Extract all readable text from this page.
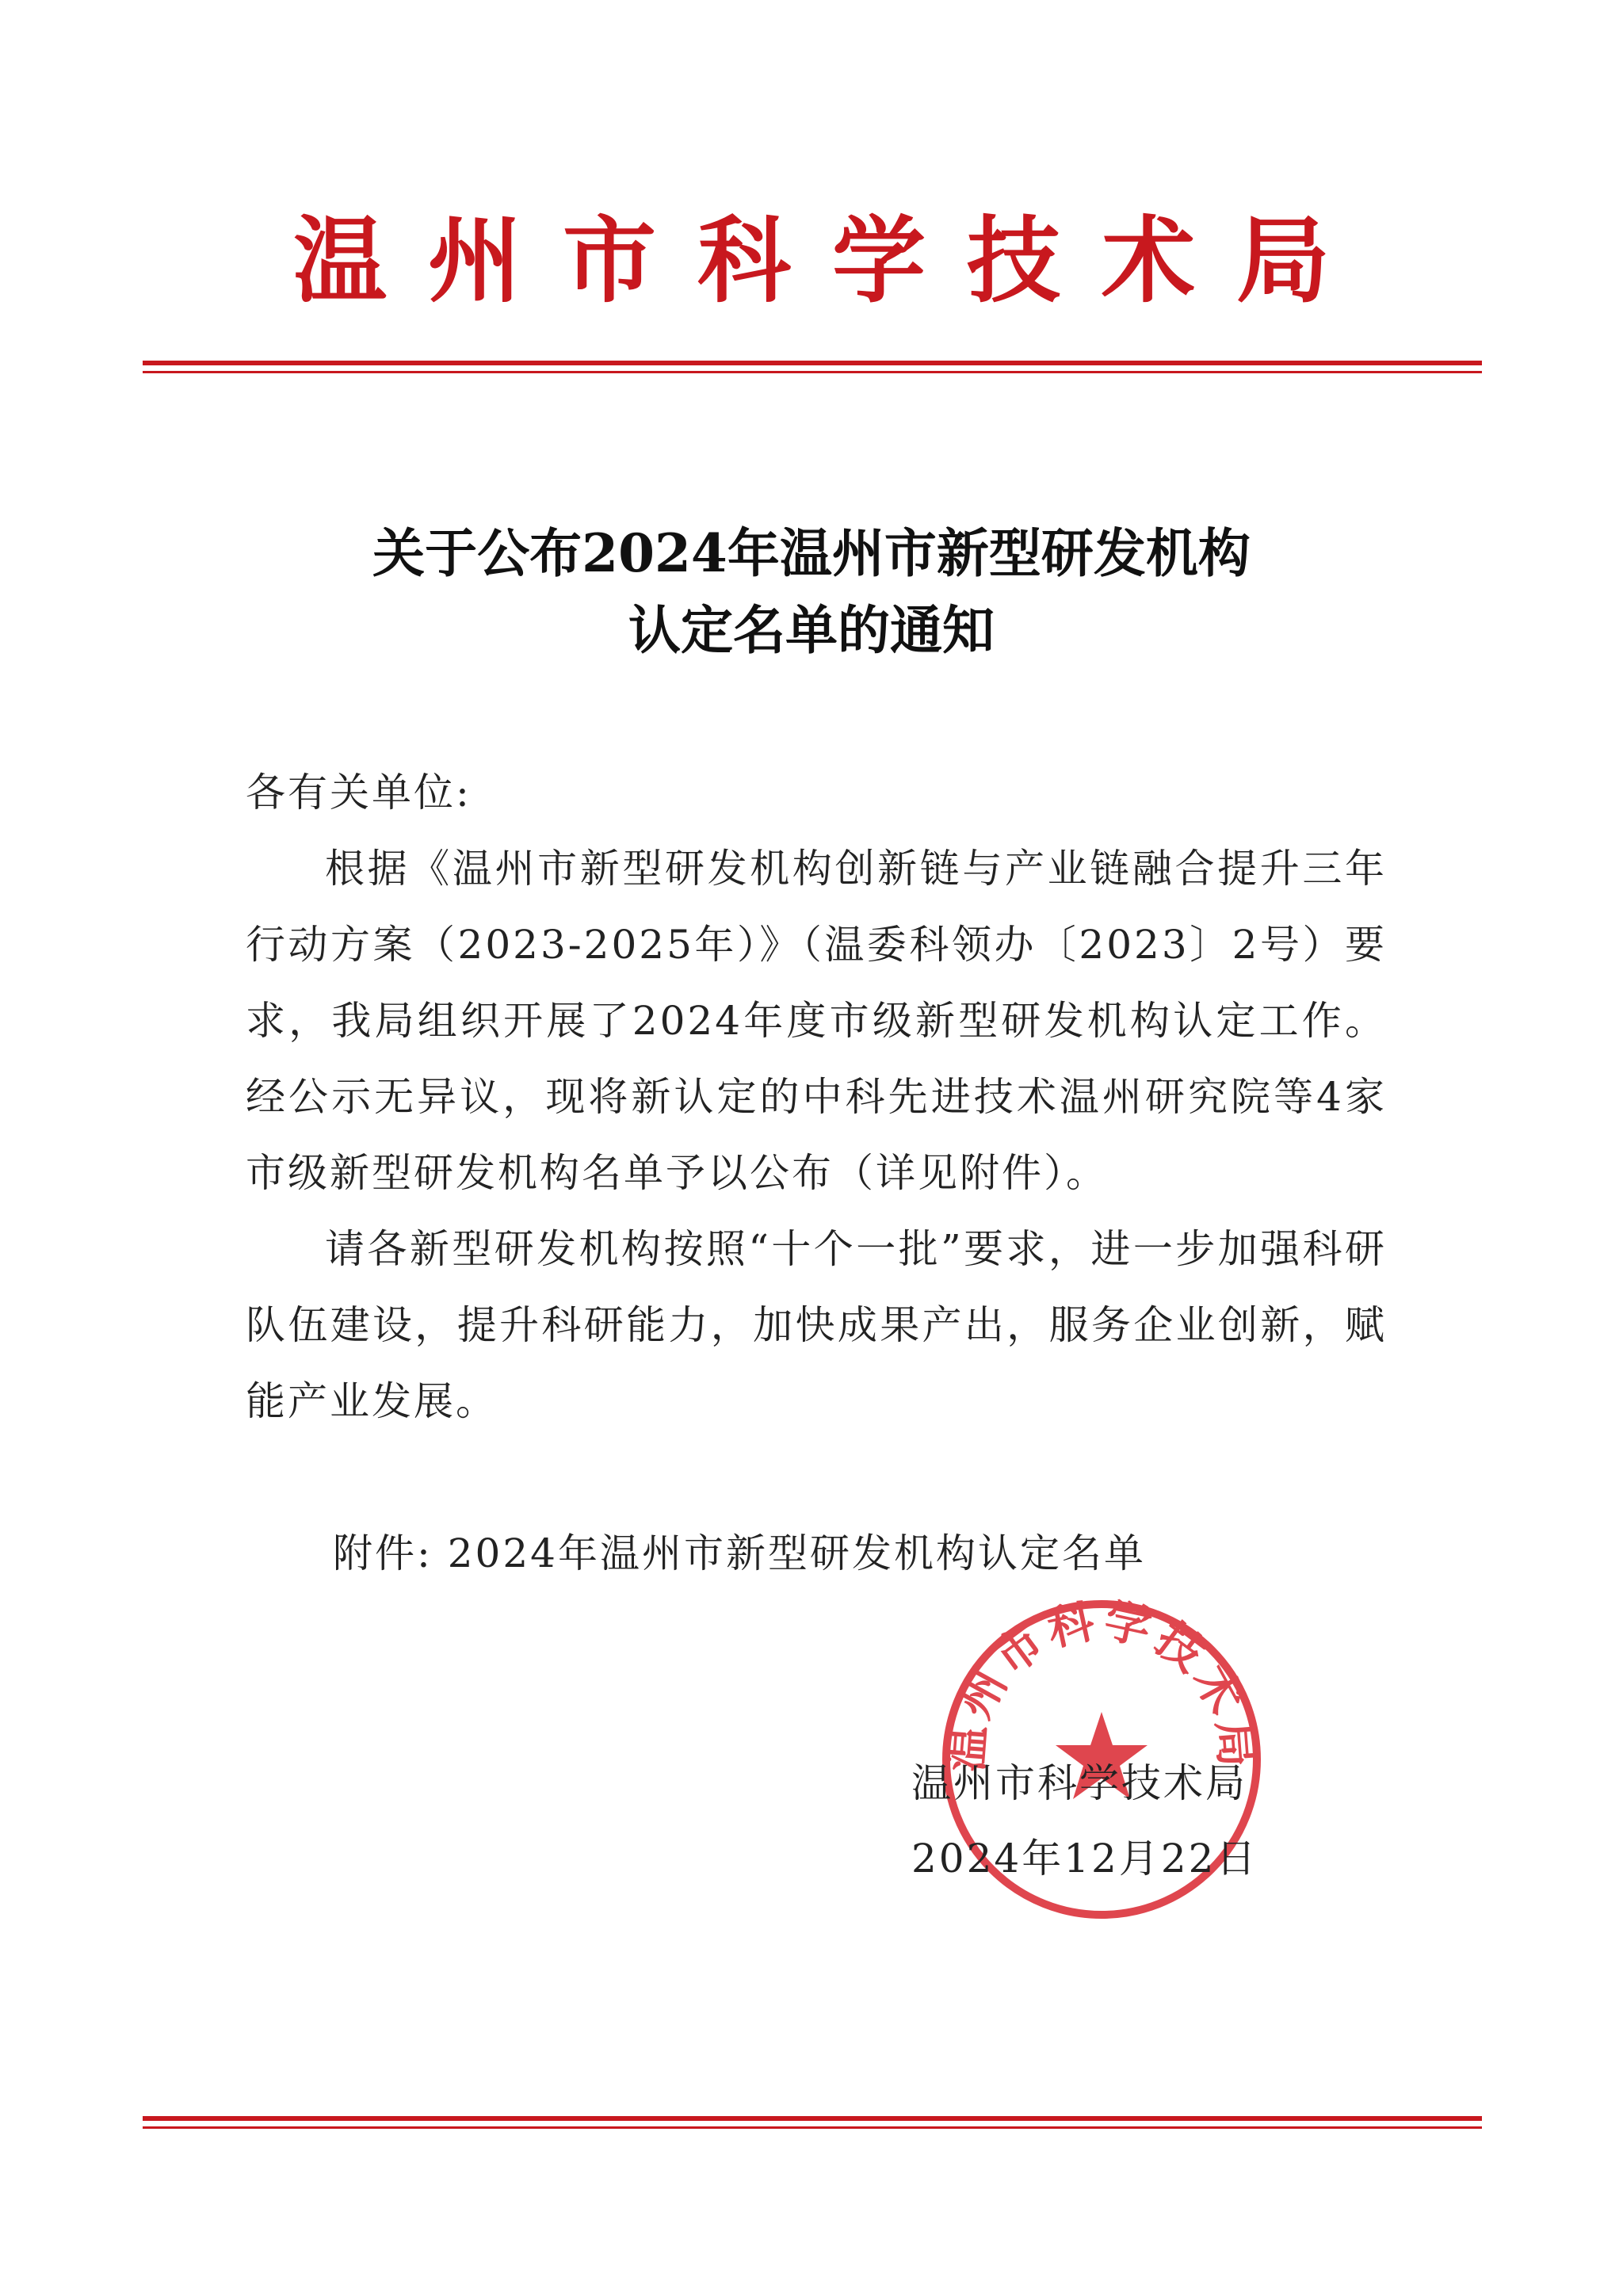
温州市科学技术局
关于公布2024年温州市新型研发机构
认定名单的通知

各有关单位:

根据《温州市新型研发机构创新链与产业链融合提升三年行动方案（2023-2025年）》（温委科领办〔2023〕2号）要求，我局组织开展了2024年度市级新型研发机构认定工作。经公示无异议，现将新认定的中科先进技术温州研究院等4家市级新型研发机构名单予以公布（详见附件）。

请各新型研发机构按照“十个一批”要求，进一步加强科研队伍建设，提升科研能力，加快成果产出，服务企业创新，赋能产业发展。

附件: 2024年温州市新型研发机构认定名单
温州市科学技术局
温州市科学技术局
2024年12月22日
